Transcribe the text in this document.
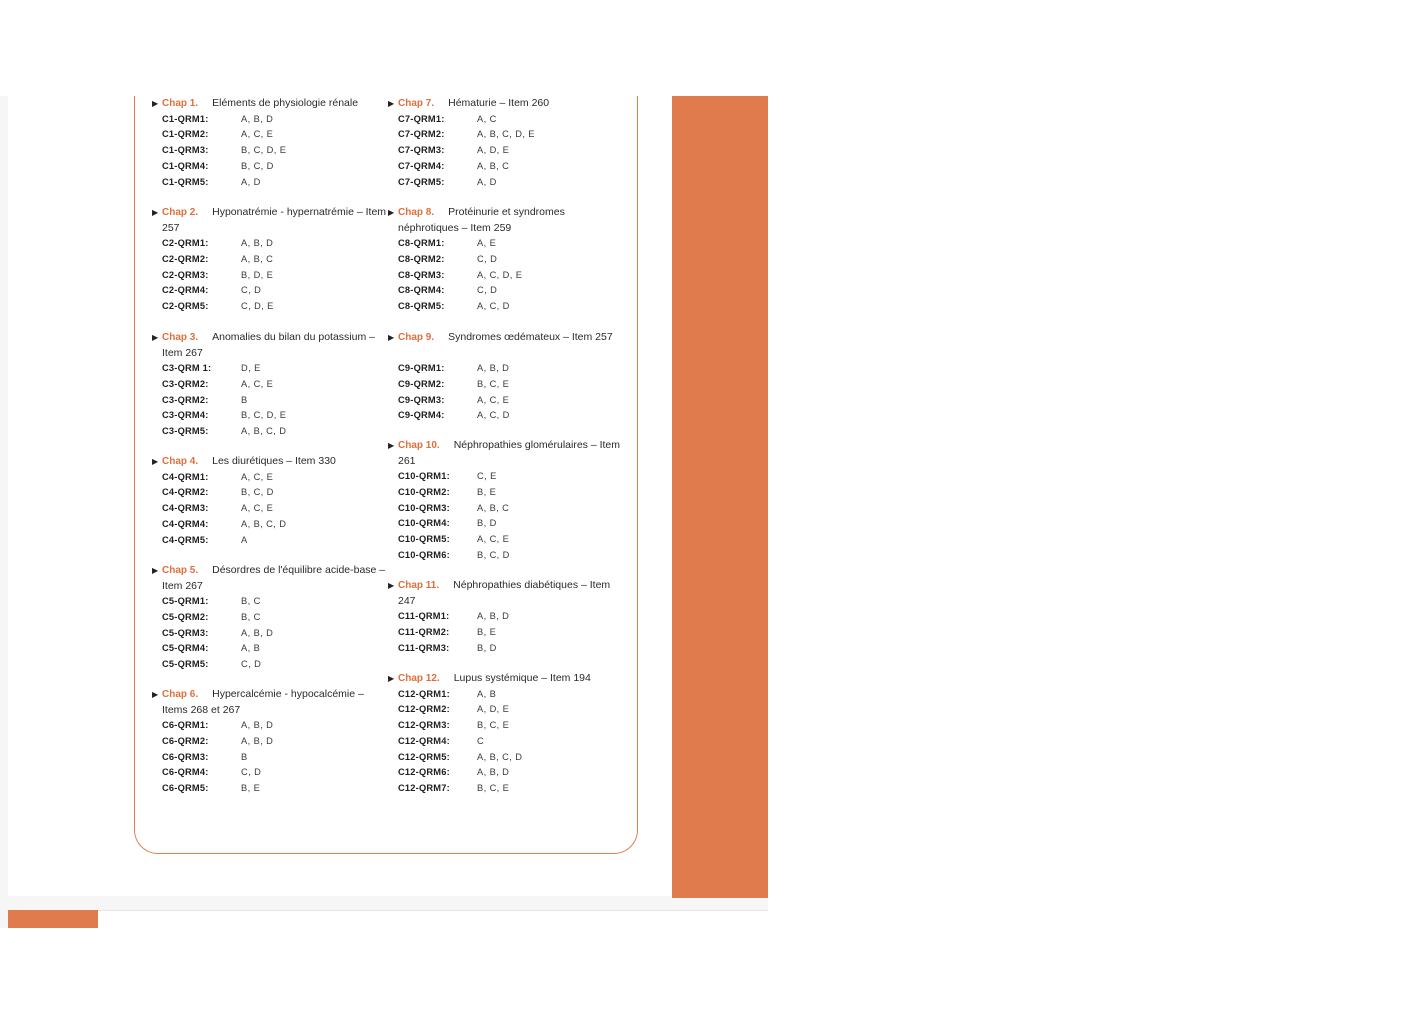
Réponses des QRM
▶ Chap 1. Eléments de physiologie rénale
C1-QRM1:	A, B, D
C1-QRM2:	A, C, E
C1-QRM3:	B, C, D, E
C1-QRM4:	B, C, D
C1-QRM5:	A, D
▶ Chap 2. Hyponatrémie - hypernatrémie – Item 257
C2-QRM1:	A, B, D
C2-QRM2:	A, B, C
C2-QRM3:	B, D, E
C2-QRM4:	C, D
C2-QRM5:	C, D, E
▶ Chap 3. Anomalies du bilan du potassium – Item 267
C3-QRM 1:	D, E
C3-QRM2:	A, C, E
C3-QRM2:	B
C3-QRM4:	B, C, D, E
C3-QRM5:	A, B, C, D
▶ Chap 4. Les diurétiques – Item 330
C4-QRM1:	A, C, E
C4-QRM2:	B, C, D
C4-QRM3:	A, C, E
C4-QRM4:	A, B, C, D
C4-QRM5:	A
▶ Chap 5. Désordres de l'équilibre acide-base – Item 267
C5-QRM1:	B, C
C5-QRM2:	B, C
C5-QRM3:	A, B, D
C5-QRM4:	A, B
C5-QRM5:	C, D
▶ Chap 6. Hypercalcémie - hypocalcémie – Items 268 et 267
C6-QRM1:	A, B, D
C6-QRM2:	A, B, D
C6-QRM3:	B
C6-QRM4:	C, D
C6-QRM5:	B, E
▶ Chap 7. Hématurie – Item 260
C7-QRM1:	A, C
C7-QRM2:	A, B, C, D, E
C7-QRM3:	A, D, E
C7-QRM4:	A, B, C
C7-QRM5:	A, D
▶ Chap 8. Protéinurie et syndromes néphrotiques – Item 259
C8-QRM1:	A, E
C8-QRM2:	C, D
C8-QRM3:	A, C, D, E
C8-QRM4:	C, D
C8-QRM5:	A, C, D
▶ Chap 9. Syndromes œdémateux – Item 257
C9-QRM1:	A, B, D
C9-QRM2:	B, C, E
C9-QRM3:	A, C, E
C9-QRM4:	A, C, D
▶ Chap 10. Néphropathies glomérulaires – Item 261
C10-QRM1:	C, E
C10-QRM2:	B, E
C10-QRM3:	A, B, C
C10-QRM4:	B, D
C10-QRM5:	A, C, E
C10-QRM6:	B, C, D
▶ Chap 11. Néphropathies diabétiques – Item 247
C11-QRM1:	A, B, D
C11-QRM2:	B, E
C11-QRM3:	B, D
▶ Chap 12. Lupus systémique – Item 194
C12-QRM1:	A, B
C12-QRM2:	A, D, E
C12-QRM3:	B, C, E
C12-QRM4:	C
C12-QRM5:	A, B, C, D
C12-QRM6:	A, B, D
C12-QRM7:	B, C, E
